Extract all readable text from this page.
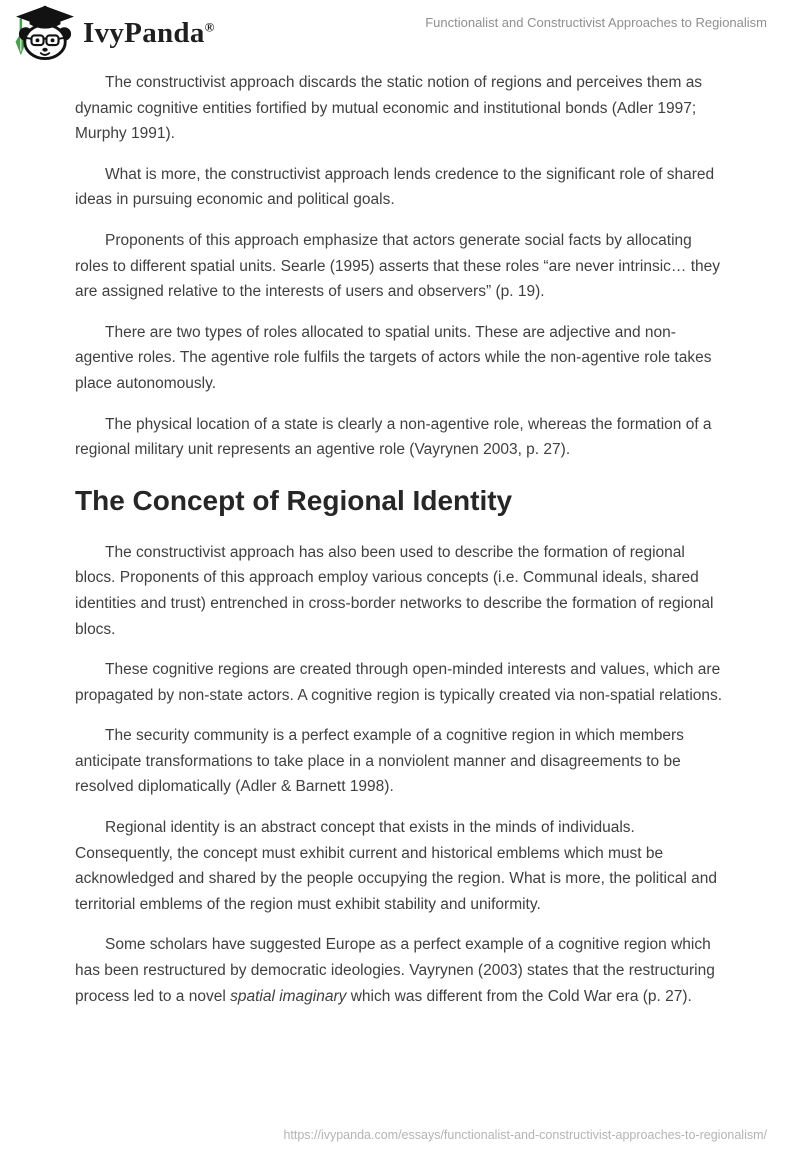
IvyPanda®	Functionalist and Constructivist Approaches to Regionalism

The constructivist approach discards the static notion of regions and perceives them as dynamic cognitive entities fortified by mutual economic and institutional bonds (Adler 1997; Murphy 1991).

What is more, the constructivist approach lends credence to the significant role of shared ideas in pursuing economic and political goals.

Proponents of this approach emphasize that actors generate social facts by allocating roles to different spatial units. Searle (1995) asserts that these roles “are never intrinsic… they are assigned relative to the interests of users and observers” (p. 19).

There are two types of roles allocated to spatial units. These are adjective and non-agentive roles. The agentive role fulfils the targets of actors while the non-agentive role takes place autonomously.

The physical location of a state is clearly a non-agentive role, whereas the formation of a regional military unit represents an agentive role (Vayrynen 2003, p. 27).

The Concept of Regional Identity

The constructivist approach has also been used to describe the formation of regional blocs. Proponents of this approach employ various concepts (i.e. Communal ideals, shared identities and trust) entrenched in cross-border networks to describe the formation of regional blocs.

These cognitive regions are created through open-minded interests and values, which are propagated by non-state actors. A cognitive region is typically created via non-spatial relations.

The security community is a perfect example of a cognitive region in which members anticipate transformations to take place in a nonviolent manner and disagreements to be resolved diplomatically (Adler & Barnett 1998).

Regional identity is an abstract concept that exists in the minds of individuals. Consequently, the concept must exhibit current and historical emblems which must be acknowledged and shared by the people occupying the region. What is more, the political and territorial emblems of the region must exhibit stability and uniformity.

Some scholars have suggested Europe as a perfect example of a cognitive region which has been restructured by democratic ideologies. Vayrynen (2003) states that the restructuring process led to a novel spatial imaginary which was different from the Cold War era (p. 27).

https://ivypanda.com/essays/functionalist-and-constructivist-approaches-to-regionalism/
